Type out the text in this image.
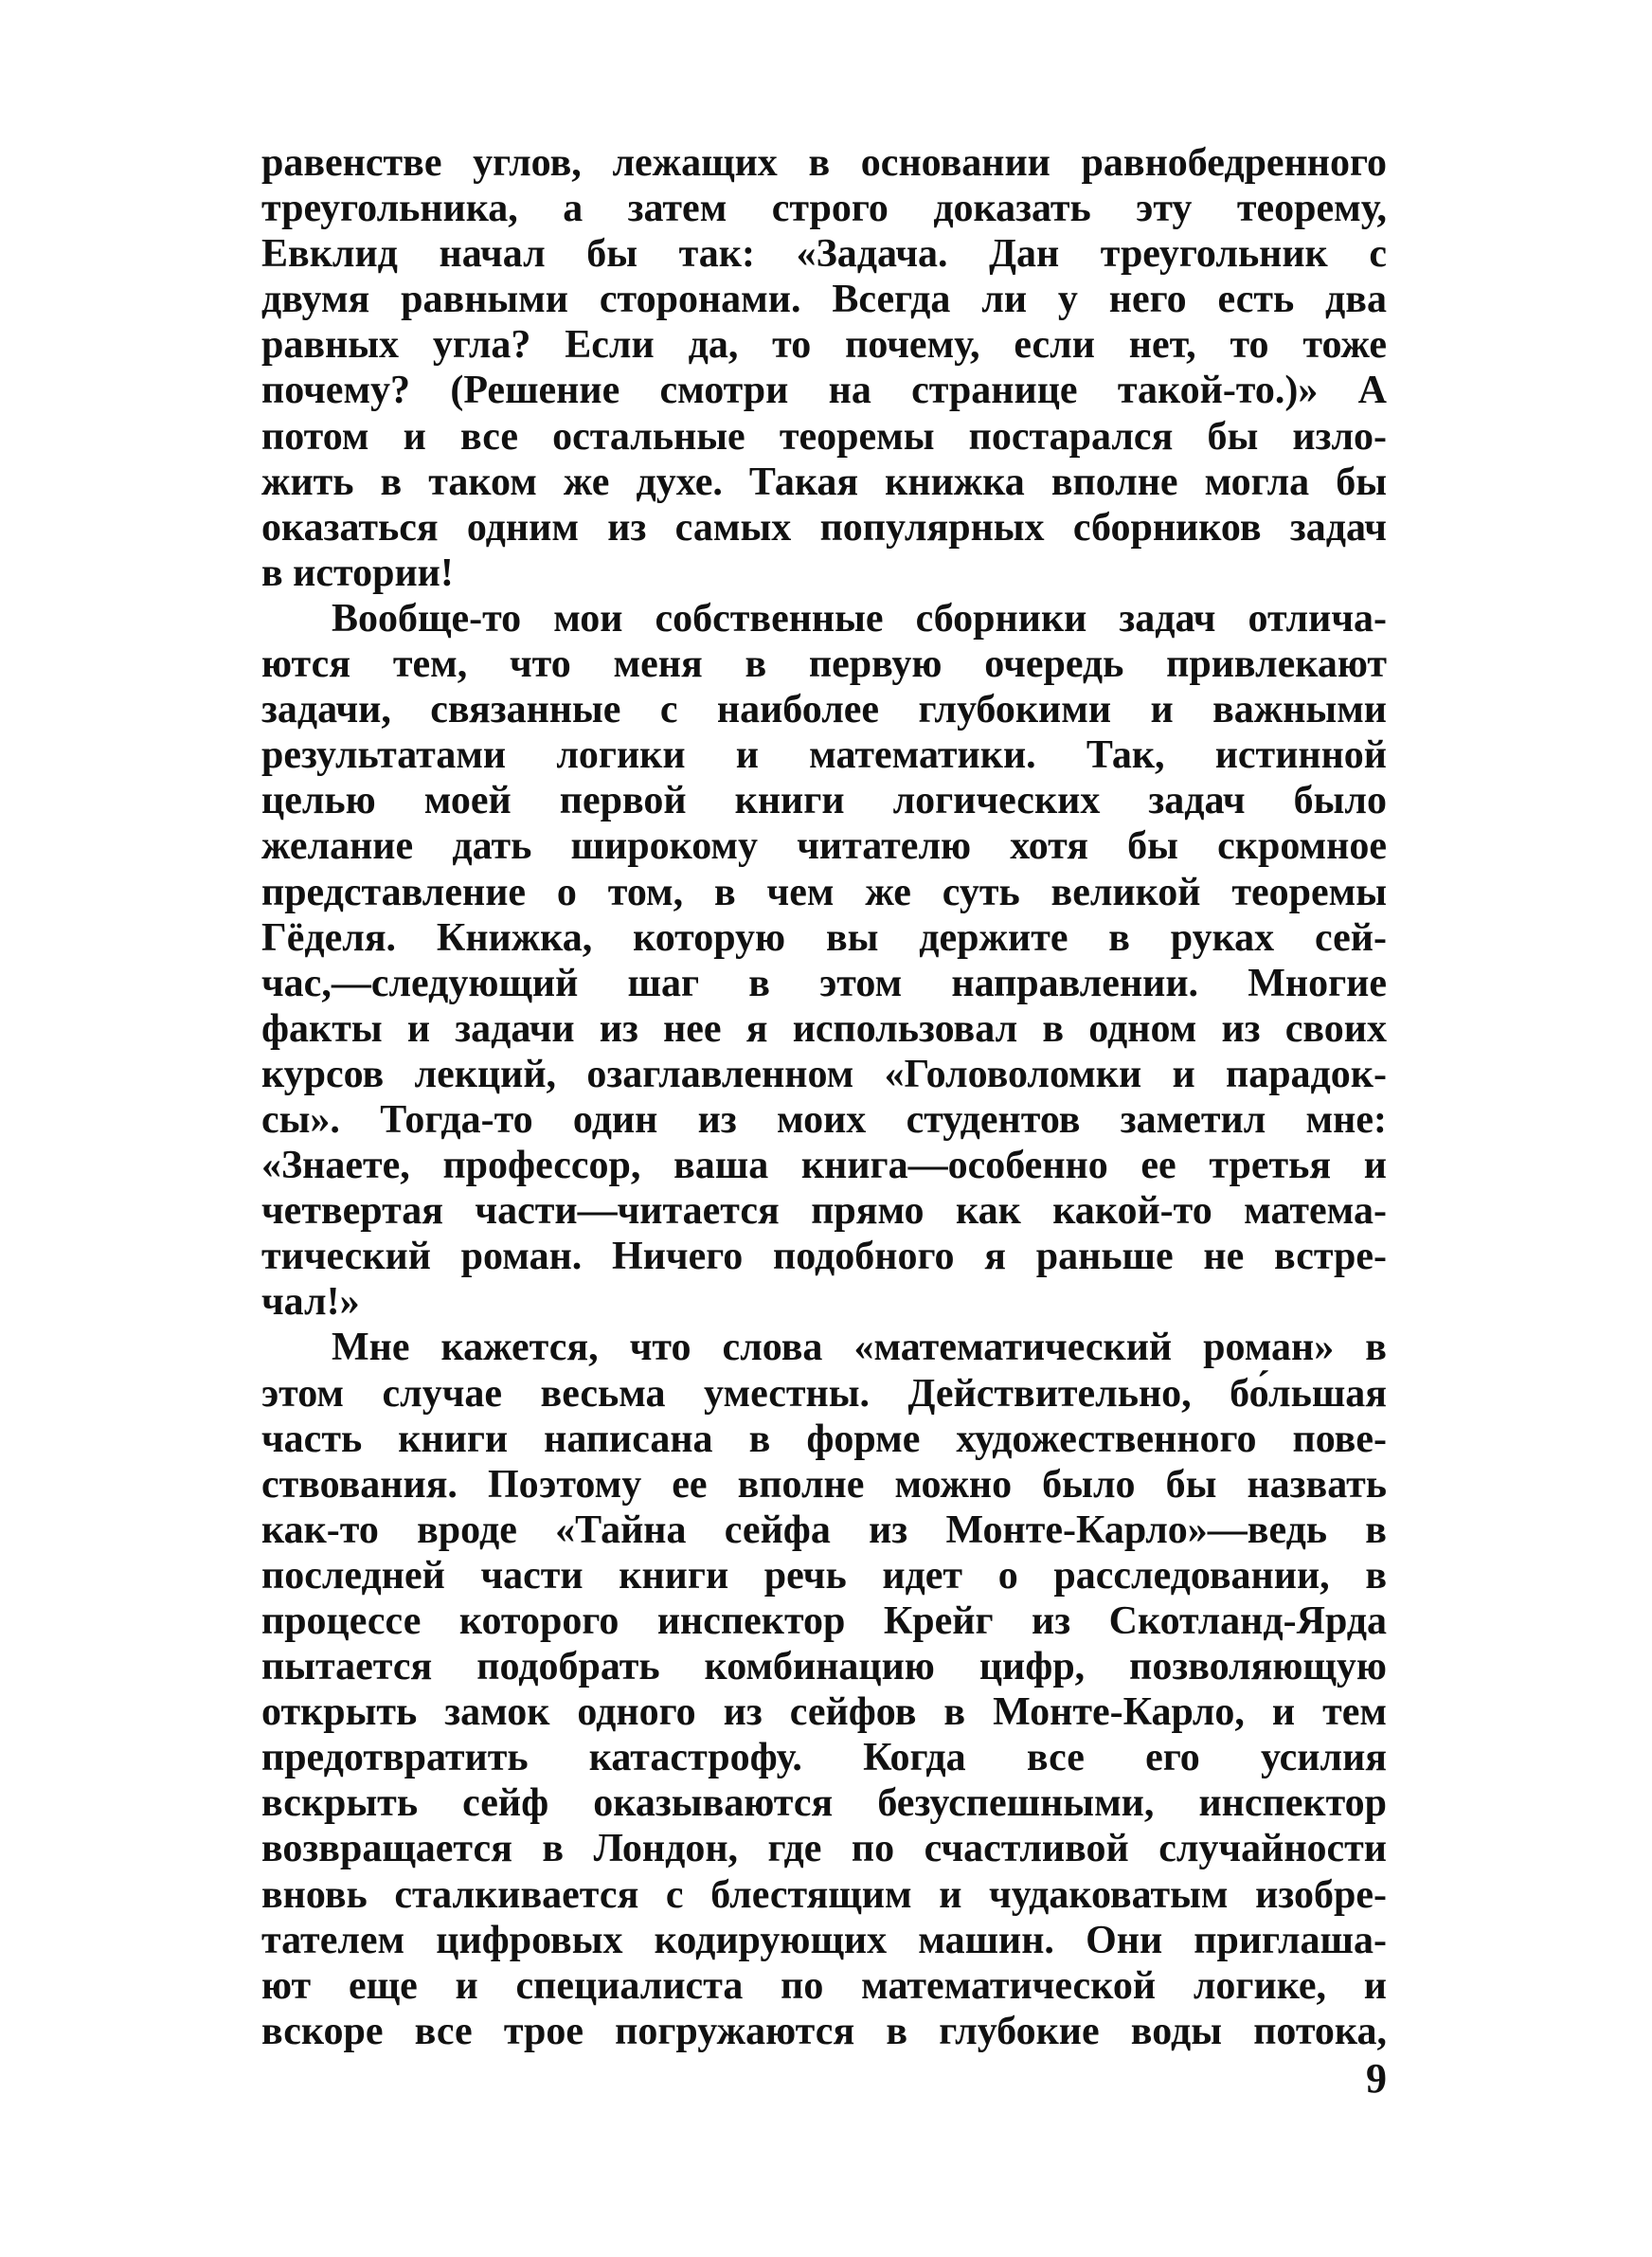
равенстве углов, лежащих в основании равнобедренного
треугольника, а затем строго доказать эту теорему,
Евклид начал бы так: «Задача. Дан треугольник с
двумя равными сторонами. Всегда ли у него есть два
равных угла? Если да, то почему, если нет, то тоже
почему? (Решение смотри на странице такой-то.)» А
потом и все остальные теоремы постарался бы изло-
жить в таком же духе. Такая книжка вполне могла бы
оказаться одним из самых популярных сборников задач
в истории!
Вообще-то мои собственные сборники задач отлича-
ются тем, что меня в первую очередь привлекают
задачи, связанные с наиболее глубокими и важными
результатами логики и математики. Так, истинной
целью моей первой книги логических задач было
желание дать широкому читателю хотя бы скромное
представление о том, в чем же суть великой теоремы
Гёделя. Книжка, которую вы держите в руках сей-
час,—следующий шаг в этом направлении. Многие
факты и задачи из нее я использовал в одном из своих
курсов лекций, озаглавленном «Головоломки и парадок-
сы». Тогда-то один из моих студентов заметил мне:
«Знаете, профессор, ваша книга—особенно ее третья и
четвертая части—читается прямо как какой-то матема-
тический роман. Ничего подобного я раньше не встре-
чал!»
Мне кажется, что слова «математический роман» в
этом случае весьма уместны. Действительно, бо́льшая
часть книги написана в форме художественного пове-
ствования. Поэтому ее вполне можно было бы назвать
как-то вроде «Тайна сейфа из Монте-Карло»—ведь в
последней части книги речь идет о расследовании, в
процессе которого инспектор Крейг из Скотланд-Ярда
пытается подобрать комбинацию цифр, позволяющую
открыть замок одного из сейфов в Монте-Карло, и тем
предотвратить катастрофу. Когда все его усилия
вскрыть сейф оказываются безуспешными, инспектор
возвращается в Лондон, где по счастливой случайности
вновь сталкивается с блестящим и чудаковатым изобре-
тателем цифровых кодирующих машин. Они приглаша-
ют еще и специалиста по математической логике, и
вскоре все трое погружаются в глубокие воды потока,
9
